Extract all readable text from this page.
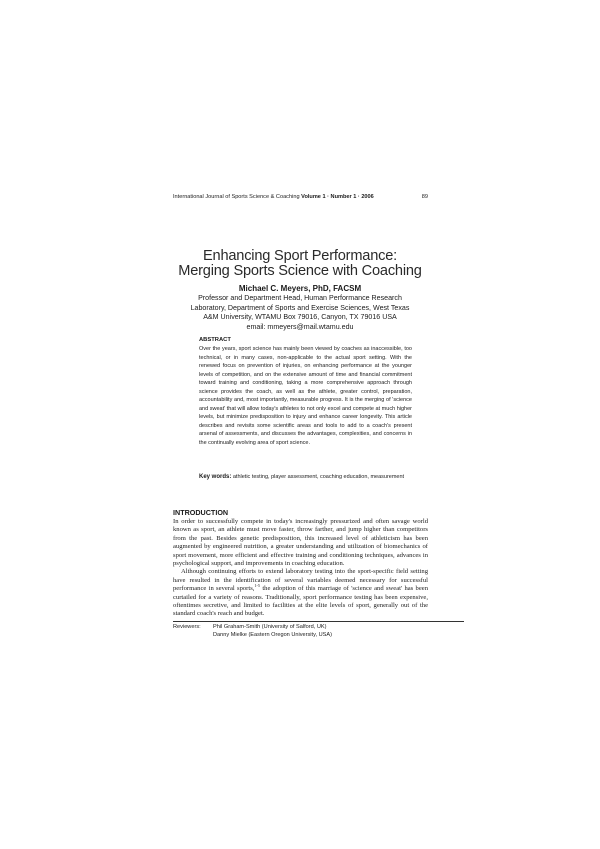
International Journal of Sports Science & Coaching Volume 1 · Number 1 · 2006	89
Enhancing Sport Performance:
Merging Sports Science with Coaching
Michael C. Meyers, PhD, FACSM
Professor and Department Head, Human Performance Research
Laboratory, Department of Sports and Exercise Sciences, West Texas
A&M University, WTAMU Box 79016, Canyon, TX 79016 USA
email: mmeyers@mail.wtamu.edu
ABSTRACT

Over the years, sport science has mainly been viewed by coaches as inaccessible, too technical, or in many cases, non-applicable to the actual sport setting. With the renewed focus on prevention of injuries, on enhancing performance at the younger levels of competition, and on the extensive amount of time and financial commitment toward training and conditioning, taking a more comprehensive approach through science provides the coach, as well as the athlete, greater control, preparation, accountability and, most importantly, measurable progress. It is the merging of 'science and sweat' that will allow today's athletes to not only excel and compete at much higher levels, but minimize predisposition to injury and enhance career longevity. This article describes and revisits some scientific areas and tools to add to a coach's present arsenal of assessments, and discusses the advantages, complexities, and concerns in the continually evolving area of sport science.

Key words: athletic testing, player assessment, coaching education, measurement

INTRODUCTION

In order to successfully compete in today's increasingly pressurized and often savage world known as sport, an athlete must move faster, throw farther, and jump higher than competitors from the past. Besides genetic predisposition, this increased level of athleticism has been augmented by engineered nutrition, a greater understanding and utilization of biomechanics of sport movement, more efficient and effective training and conditioning techniques, advances in psychological support, and improvements in coaching education.

Although continuing efforts to extend laboratory testing into the sport-specific field setting have resulted in the identification of several variables deemed necessary for successful performance in several sports,$^{1-5}$ the adoption of this marriage of 'science and sweat' has been curtailed for a variety of reasons. Traditionally, sport performance testing has been expensive, oftentimes secretive, and limited to facilities at the elite levels of sport, generally out of the standard coach's reach and budget.

Reviewers: Phil Graham-Smith (University of Salford, UK)
Danny Mielke (Eastern Oregon University, USA)
